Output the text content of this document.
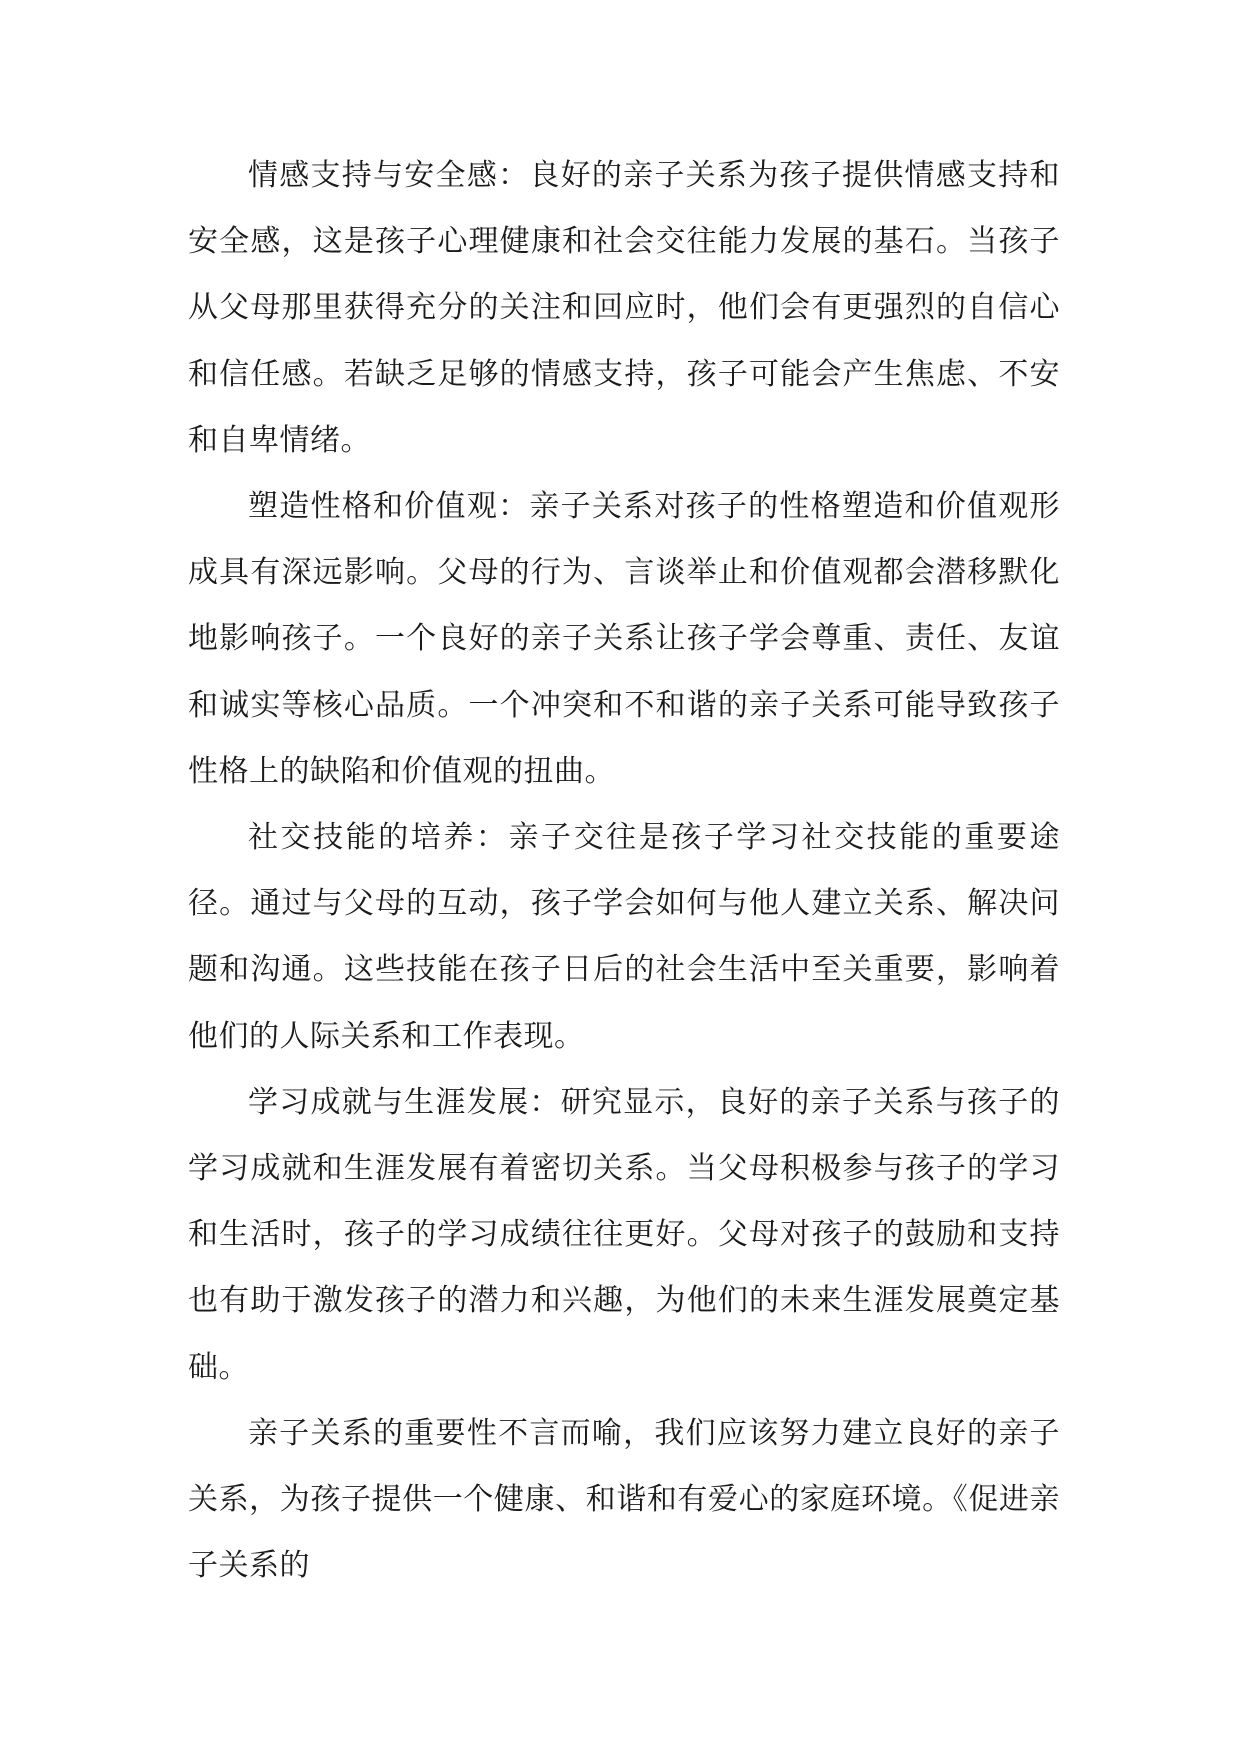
情感支持与安全感：良好的亲子关系为孩子提供情感支持和安全感，这是孩子心理健康和社会交往能力发展的基石。当孩子从父母那里获得充分的关注和回应时，他们会有更强烈的自信心和信任感。若缺乏足够的情感支持，孩子可能会产生焦虑、不安和自卑情绪。

塑造性格和价值观：亲子关系对孩子的性格塑造和价值观形成具有深远影响。父母的行为、言谈举止和价值观都会潜移默化地影响孩子。一个良好的亲子关系让孩子学会尊重、责任、友谊和诚实等核心品质。一个冲突和不和谐的亲子关系可能导致孩子性格上的缺陷和价值观的扭曲。

社交技能的培养：亲子交往是孩子学习社交技能的重要途径。通过与父母的互动，孩子学会如何与他人建立关系、解决问题和沟通。这些技能在孩子日后的社会生活中至关重要，影响着他们的人际关系和工作表现。

学习成就与生涯发展：研究显示，良好的亲子关系与孩子的学习成就和生涯发展有着密切关系。当父母积极参与孩子的学习和生活时，孩子的学习成绩往往更好。父母对孩子的鼓励和支持也有助于激发孩子的潜力和兴趣，为他们的未来生涯发展奠定基础。

亲子关系的重要性不言而喻，我们应该努力建立良好的亲子关系，为孩子提供一个健康、和谐和有爱心的家庭环境。《促进亲子关系的
